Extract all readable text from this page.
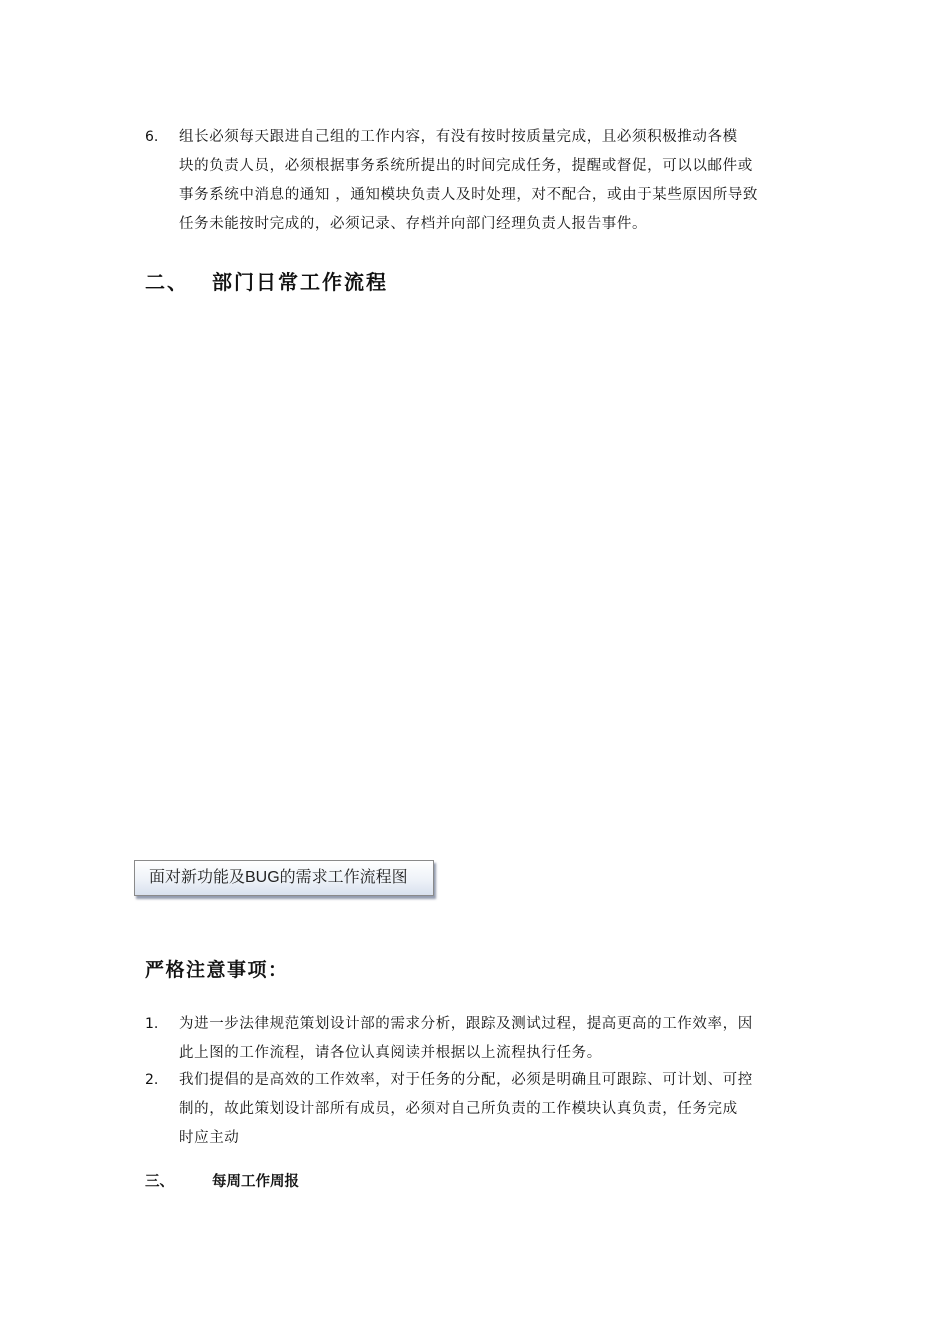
6. 组长必须每天跟进自己组的工作内容，有没有按时按质量完成，且必须积极推动各模
块的负责人员，必须根据事务系统所提出的时间完成任务，提醒或督促，可以以邮件或
事务系统中消息的通知 ，通知模块负责人及时处理，对不配合，或由于某些原因所导致
任务未能按时完成的，必须记录、存档并向部门经理负责人报告事件。
二、 部门日常工作流程
面对新功能及BUG的需求工作流程图
严格注意事项：
1. 为进一步法律规范策划设计部的需求分析，跟踪及测试过程，提高更高的工作效率，因
此上图的工作流程，请各位认真阅读并根据以上流程执行任务。
2. 我们提倡的是高效的工作效率，对于任务的分配，必须是明确且可跟踪、可计划、可控
制的，故此策划设计部所有成员，必须对自己所负责的工作模块认真负责，任务完成
时应主动
三、	每周工作周报
